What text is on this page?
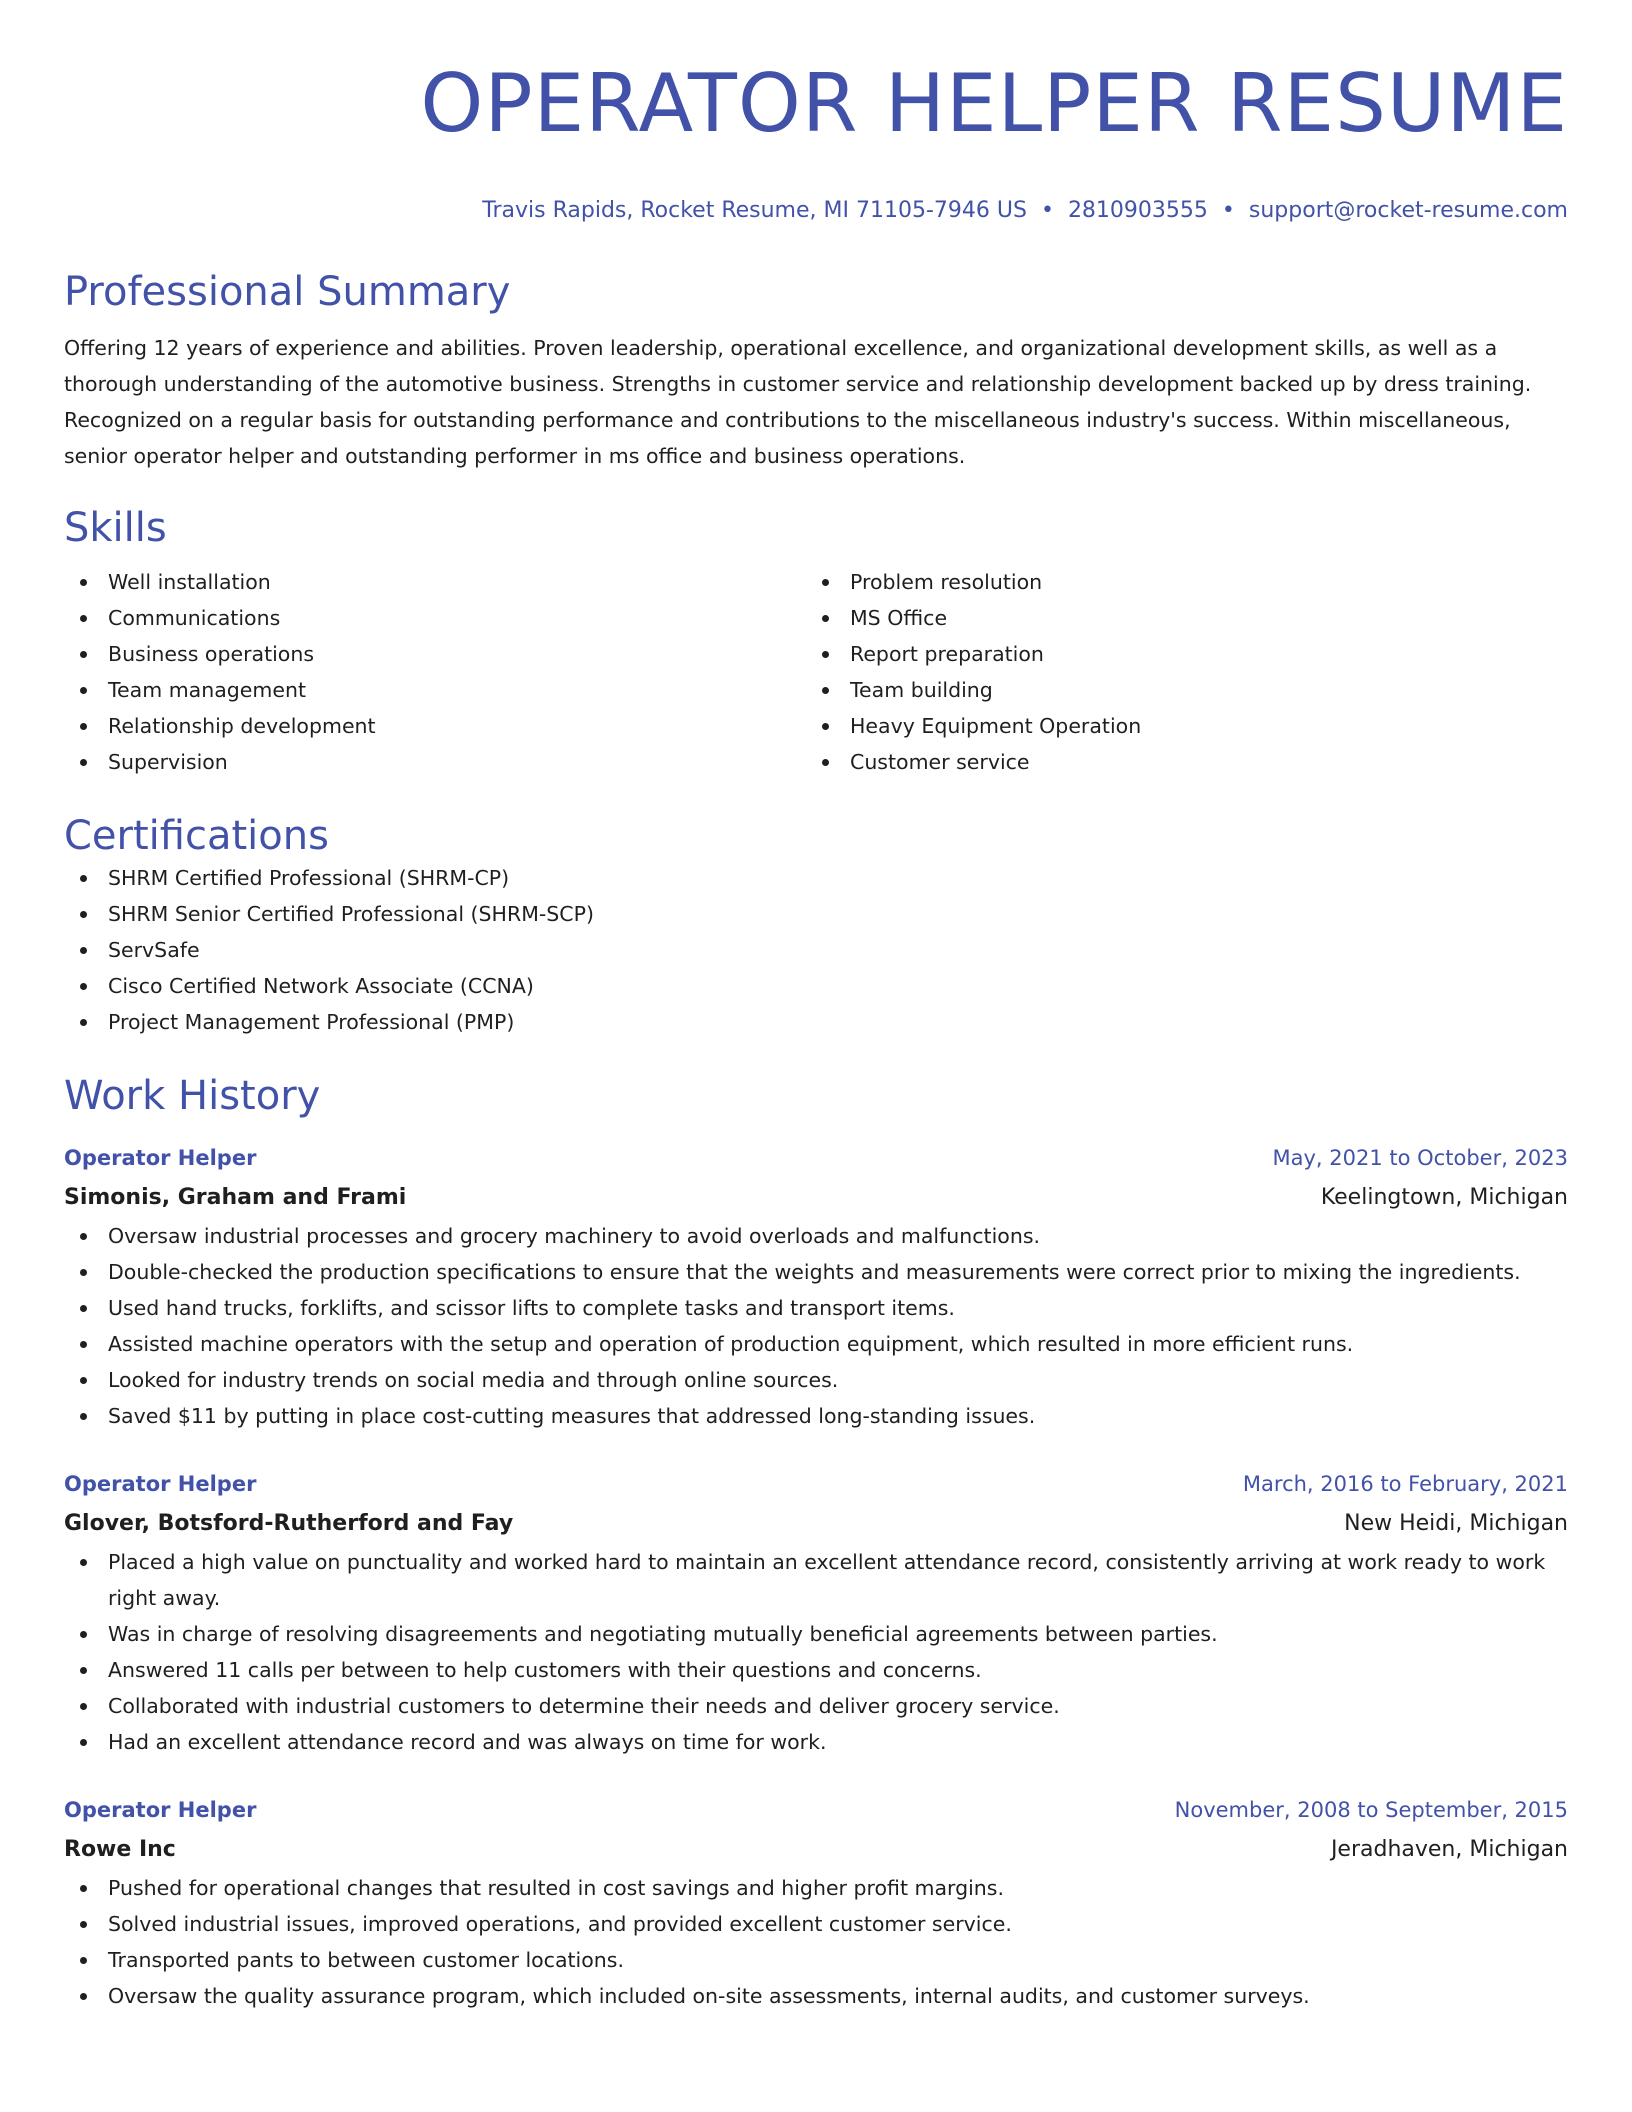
OPERATOR HELPER RESUME
Travis Rapids, Rocket Resume, MI 71105-7946 US • 2810903555 • support@rocket-resume.com
Professional Summary
Offering 12 years of experience and abilities. Proven leadership, operational excellence, and organizational development skills, as well as a thorough understanding of the automotive business. Strengths in customer service and relationship development backed up by dress training. Recognized on a regular basis for outstanding performance and contributions to the miscellaneous industry's success. Within miscellaneous, senior operator helper and outstanding performer in ms office and business operations.
Skills
Well installation
Communications
Business operations
Team management
Relationship development
Supervision
Problem resolution
MS Office
Report preparation
Team building
Heavy Equipment Operation
Customer service
Certifications
SHRM Certified Professional (SHRM-CP)
SHRM Senior Certified Professional (SHRM-SCP)
ServSafe
Cisco Certified Network Associate (CCNA)
Project Management Professional (PMP)
Work History
Operator Helper	May, 2021 to October, 2023
Simonis, Graham and Frami	Keelingtown, Michigan
Oversaw industrial processes and grocery machinery to avoid overloads and malfunctions.
Double-checked the production specifications to ensure that the weights and measurements were correct prior to mixing the ingredients.
Used hand trucks, forklifts, and scissor lifts to complete tasks and transport items.
Assisted machine operators with the setup and operation of production equipment, which resulted in more efficient runs.
Looked for industry trends on social media and through online sources.
Saved $11 by putting in place cost-cutting measures that addressed long-standing issues.
Operator Helper	March, 2016 to February, 2021
Glover, Botsford-Rutherford and Fay	New Heidi, Michigan
Placed a high value on punctuality and worked hard to maintain an excellent attendance record, consistently arriving at work ready to work right away.
Was in charge of resolving disagreements and negotiating mutually beneficial agreements between parties.
Answered 11 calls per between to help customers with their questions and concerns.
Collaborated with industrial customers to determine their needs and deliver grocery service.
Had an excellent attendance record and was always on time for work.
Operator Helper	November, 2008 to September, 2015
Rowe Inc	Jeradhaven, Michigan
Pushed for operational changes that resulted in cost savings and higher profit margins.
Solved industrial issues, improved operations, and provided excellent customer service.
Transported pants to between customer locations.
Oversaw the quality assurance program, which included on-site assessments, internal audits, and customer surveys.
